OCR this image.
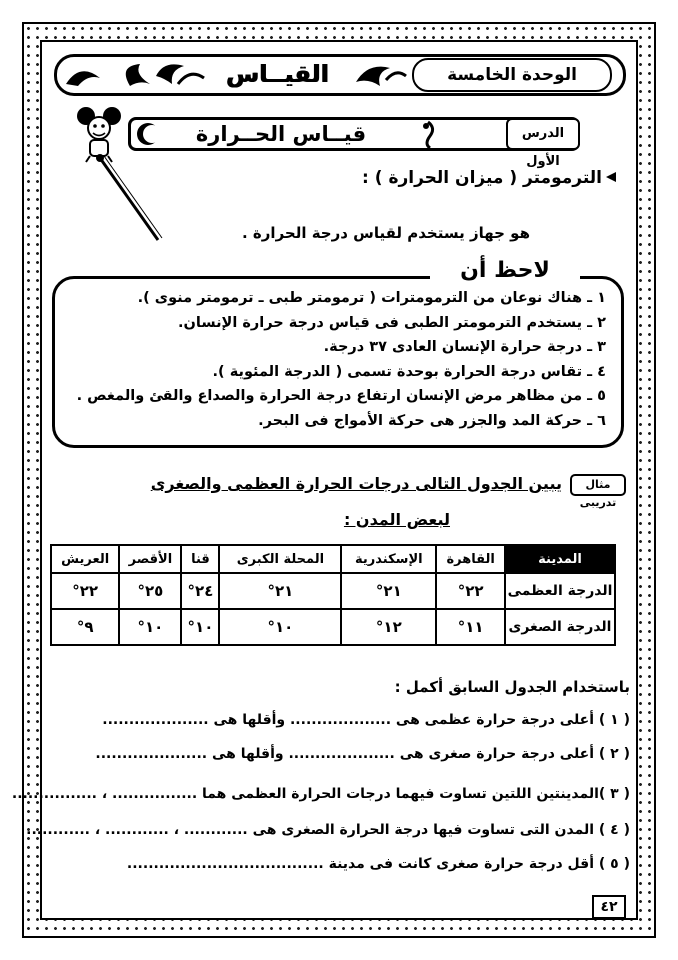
الوحدة الخامسة
القيــاس
الدرس الأول
قيــاس الحــرارة
الترمومتر ( ميزان الحرارة ) :
هو جهاز يستخدم لقياس درجة الحرارة .
لاحظ أن
١ ـ هناك نوعان من الترمومترات ( ترمومتر طبى ـ ترمومتر منوى ).
٢ ـ يستخدم الترمومتر الطبى فى قياس درجة حرارة الإنسان.
٣ ـ درجة حرارة الإنسان العادى ٣٧ درجة.
٤ ـ تقاس درجة الحرارة بوحدة تسمى ( الدرجة المئوية ).
٥ ـ من مظاهر مرض الإنسان ارتفاع درجة الحرارة والصداع والقئ والمغص .
٦ ـ حركة المد والجزر هى حركة الأمواج فى البحر.
مثال تدريبى
يبين الجدول التالى درجات الحرارة العظمى والصغرى
لبعض المدن :
المدينة	القاهرة	الإسكندرية	المحلة الكبرى	قنا	الأقصر	العريش
الدرجة العظمى	٢٢°	٢١°	٢١°	٢٤°	٢٥°	٢٢°
الدرجة الصغرى	١١°	١٢°	١٠°	١٠°	١٠°	٩°
باستخدام الجدول السابق أكمل :
( ١ ) أعلى درجة حرارة عظمى هى ................... وأقلها هى ....................
( ٢ ) أعلى درجة حرارة صغرى هى .................... وأقلها هى .....................
( ٣ )المدينتين اللتين تساوت فيهما درجات الحرارة العظمى هما ................ ، ................
( ٤ ) المدن التى تساوت فيها درجة الحرارة الصغرى هى ............ ، ............ ، ............
( ٥ ) أقل درجة حرارة صغرى كانت فى مدينة .....................................
٤٢
